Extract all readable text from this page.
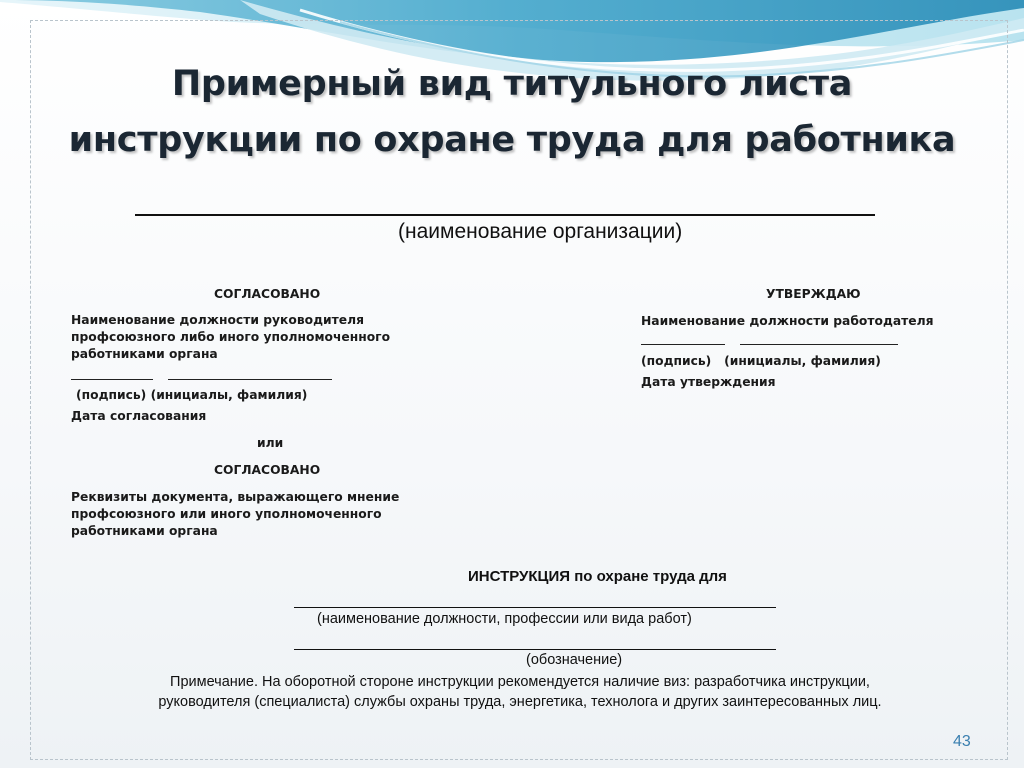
Примерный вид титульного листа
инструкции по охране труда для работника
(наименование организации)
СОГЛАСОВАНО
Наименование должности руководителя
профсоюзного либо иного уполномоченного
работниками органа

(подпись) (инициалы, фамилия)
Дата согласования
или
СОГЛАСОВАНО
Реквизиты документа, выражающего мнение
профсоюзного или иного уполномоченного
работниками органа
УТВЕРЖДАЮ
Наименование должности работодателя

(подпись)   (инициалы, фамилия)
Дата утверждения
ИНСТРУКЦИЯ по охране труда для
(наименование должности, профессии или вида работ)
(обозначение)
Примечание. На оборотной стороне инструкции рекомендуется наличие виз: разработчика инструкции,
руководителя (специалиста) службы охраны труда, энергетика, технолога и других заинтересованных лиц.
43
